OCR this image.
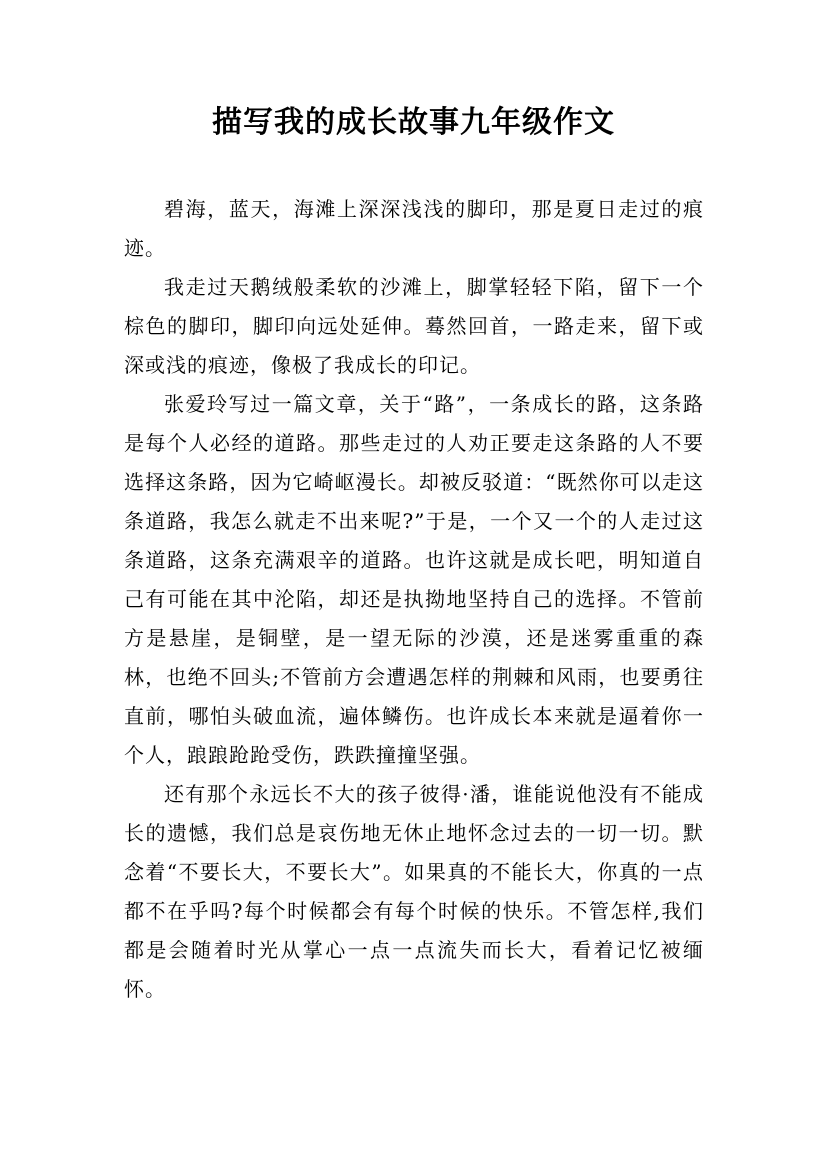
描写我的成长故事九年级作文

碧海，蓝天，海滩上深深浅浅的脚印，那是夏日走过的痕迹。

我走过天鹅绒般柔软的沙滩上，脚掌轻轻下陷，留下一个棕色的脚印，脚印向远处延伸。蓦然回首，一路走来，留下或深或浅的痕迹，像极了我成长的印记。

张爱玲写过一篇文章，关于“路”，一条成长的路，这条路是每个人必经的道路。那些走过的人劝正要走这条路的人不要选择这条路，因为它崎岖漫长。却被反驳道：“既然你可以走这条道路，我怎么就走不出来呢?”于是，一个又一个的人走过这条道路，这条充满艰辛的道路。也许这就是成长吧，明知道自己有可能在其中沦陷，却还是执拗地坚持自己的选择。不管前方是悬崖，是铜壁，是一望无际的沙漠，还是迷雾重重的森林，也绝不回头;不管前方会遭遇怎样的荆棘和风雨，也要勇往直前，哪怕头破血流，遍体鳞伤。也许成长本来就是逼着你一个人，踉踉跄跄受伤，跌跌撞撞坚强。

还有那个永远长不大的孩子彼得·潘，谁能说他没有不能成长的遗憾，我们总是哀伤地无休止地怀念过去的一切一切。默念着“不要长大，不要长大”。如果真的不能长大，你真的一点都不在乎吗?每个时候都会有每个时候的快乐。不管怎样,我们都是会随着时光从掌心一点一点流失而长大，看着记忆被缅怀。
